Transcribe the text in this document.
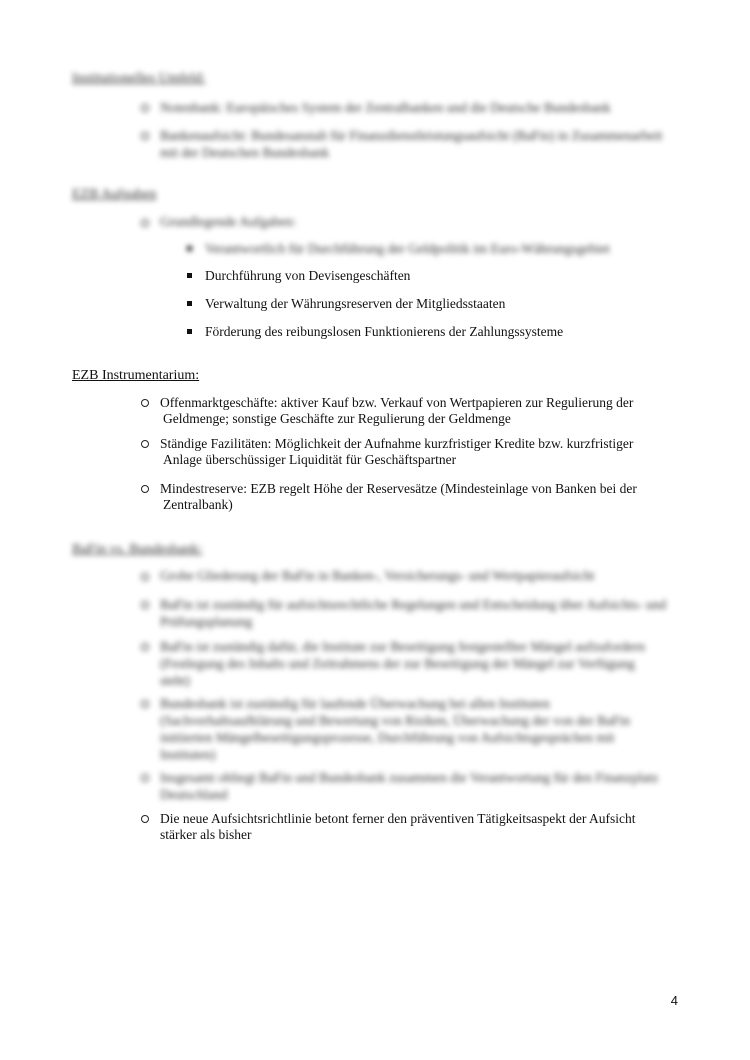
Institutionelles Umfeld:
Notenbank: Europäisches System der Zentralbanken und die Deutsche Bundesbank
Bankenaufsicht: Bundesanstalt für Finanzdienstleistungsaufsicht (BaFin) in Zusammenarbeit mit der Deutschen Bundesbank
EZB Aufgaben
Grundlegende Aufgaben:
Verantwortlich für Durchführung der Geldpolitik im Euro-Währungsgebiet
Durchführung von Devisengeschäften
Verwaltung der Währungsreserven der Mitgliedsstaaten
Förderung des reibungslosen Funktionierens der Zahlungssysteme
EZB Instrumentarium:
Offenmarktgeschäfte: aktiver Kauf bzw. Verkauf von Wertpapieren zur Regulierung der
Geldmenge; sonstige Geschäfte zur Regulierung der Geldmenge
Ständige Fazilitäten: Möglichkeit der Aufnahme kurzfristiger Kredite bzw. kurzfristiger
Anlage überschüssiger Liquidität für Geschäftspartner
Mindestreserve: EZB regelt Höhe der Reservesätze (Mindesteinlage von Banken bei der
Zentralbank)
BaFin vs. Bundesbank:
Grobe Gliederung der BaFin in Banken-, Versicherungs- und Wertpapieraufsicht
BaFin ist zuständig für aufsichtsrechtliche Regelungen und Entscheidung über Aufsichts- und Prüfungsplanung
BaFin ist zuständig dafür, die Institute zur Beseitigung festgestellter Mängel aufzufordern (Festlegung des Inhalts und Zeitrahmens der zur Beseitigung der Mängel zur Verfügung steht)
Bundesbank ist zuständig für laufende Überwachung bei allen Instituten (Sachverhaltsaufklärung und Bewertung von Risiken, Überwachung der von der BaFin initiierten Mängelbeseitigungsprozesse, Durchführung von Aufsichtsgesprächen mit Instituten)
Insgesamt obliegt BaFin und Bundesbank zusammen die Verantwortung für den Finanzplatz Deutschland
Die neue Aufsichtsrichtlinie betont ferner den präventiven Tätigkeitsaspekt der Aufsicht
stärker als bisher
4
